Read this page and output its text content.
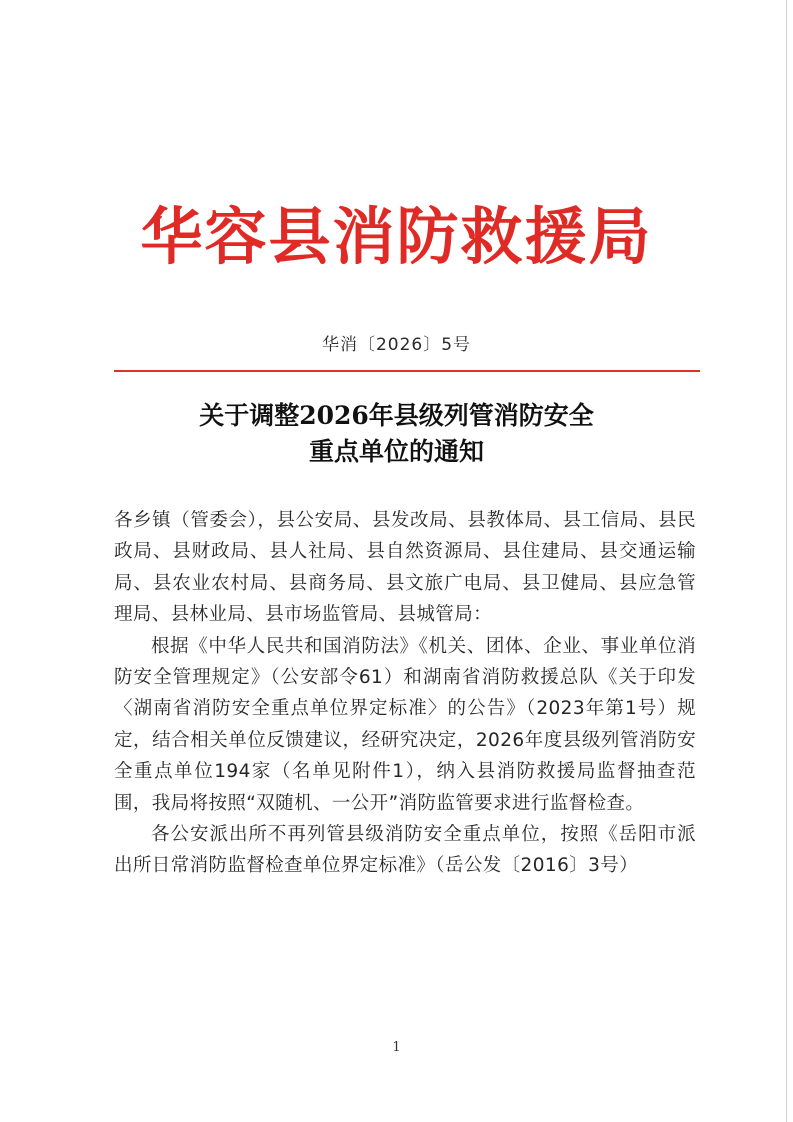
华容县消防救援局
华消〔2026〕5号
关于调整2026年县级列管消防安全
重点单位的通知

各乡镇（管委会），县公安局、县发改局、县教体局、县工信局、县民政局、县财政局、县人社局、县自然资源局、县住建局、县交通运输局、县农业农村局、县商务局、县文旅广电局、县卫健局、县应急管理局、县林业局、县市场监管局、县城管局：

根据《中华人民共和国消防法》《机关、团体、企业、事业单位消防安全管理规定》（公安部令61）和湖南省消防救援总队《关于印发〈湖南省消防安全重点单位界定标准〉的公告》（2023年第1号）规定，结合相关单位反馈建议，经研究决定，2026年度县级列管消防安全重点单位194家（名单见附件1），纳入县消防救援局监督抽查范围，我局将按照“双随机、一公开”消防监管要求进行监督检查。

各公安派出所不再列管县级消防安全重点单位，按照《岳阳市派出所日常消防监督检查单位界定标准》（岳公发〔2016〕3号）

1
